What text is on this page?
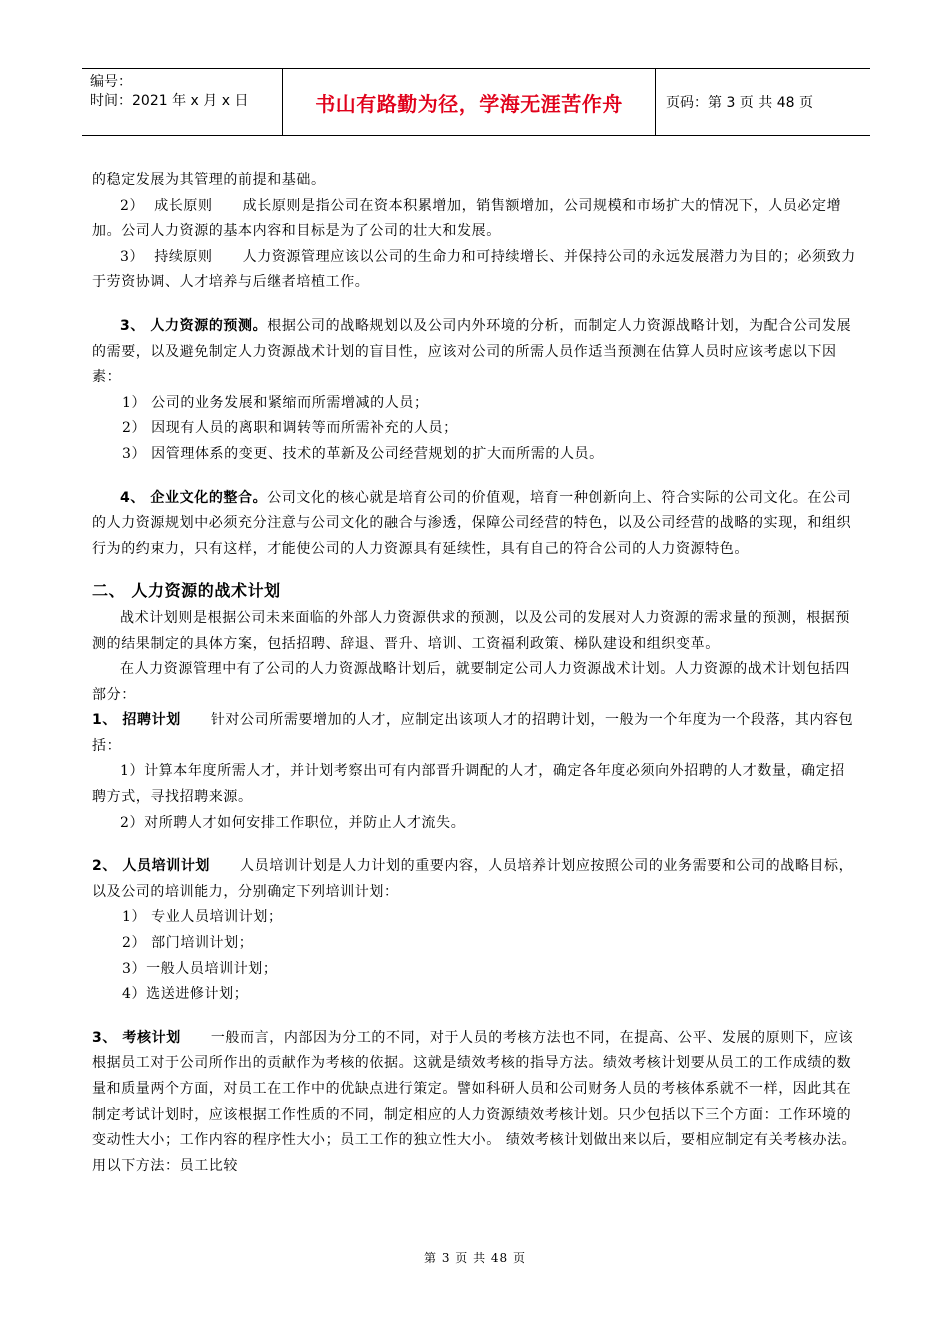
编号：
时间：2021 年 x 月 x 日	书山有路勤为径，学海无涯苦作舟	页码：第 3 页 共 48 页

的稳定发展为其管理的前提和基础。

2） 成长原则 成长原则是指公司在资本积累增加，销售额增加，公司规模和市场扩大的情况下，人员必定增加。公司人力资源的基本内容和目标是为了公司的壮大和发展。

3） 持续原则 人力资源管理应该以公司的生命力和可持续增长、并保持公司的永远发展潜力为目的；必须致力于劳资协调、人才培养与后继者培植工作。

3、 人力资源的预测。根据公司的战略规划以及公司内外环境的分析，而制定人力资源战略计划，为配合公司发展的需要，以及避免制定人力资源战术计划的盲目性，应该对公司的所需人员作适当预测在估算人员时应该考虑以下因素：

1） 公司的业务发展和紧缩而所需增减的人员；

2） 因现有人员的离职和调转等而所需补充的人员；

3） 因管理体系的变更、技术的革新及公司经营规划的扩大而所需的人员。

4、 企业文化的整合。公司文化的核心就是培育公司的价值观，培育一种创新向上、符合实际的公司文化。在公司的人力资源规划中必须充分注意与公司文化的融合与渗透，保障公司经营的特色，以及公司经营的战略的实现，和组织行为的约束力，只有这样，才能使公司的人力资源具有延续性，具有自己的符合公司的人力资源特色。

二、 人力资源的战术计划

战术计划则是根据公司未来面临的外部人力资源供求的预测，以及公司的发展对人力资源的需求量的预测，根据预测的结果制定的具体方案，包括招聘、辞退、晋升、培训、工资福利政策、梯队建设和组织变革。

在人力资源管理中有了公司的人力资源战略计划后，就要制定公司人力资源战术计划。人力资源的战术计划包括四部分：

1、 招聘计划 针对公司所需要增加的人才，应制定出该项人才的招聘计划，一般为一个年度为一个段落，其内容包括：

1）计算本年度所需人才，并计划考察出可有内部晋升调配的人才，确定各年度必须向外招聘的人才数量，确定招聘方式，寻找招聘来源。

2）对所聘人才如何安排工作职位，并防止人才流失。

2、 人员培训计划 人员培训计划是人力计划的重要内容，人员培养计划应按照公司的业务需要和公司的战略目标，以及公司的培训能力，分别确定下列培训计划：

1） 专业人员培训计划；

2） 部门培训计划；

3）一般人员培训计划；

4）选送进修计划；

3、 考核计划 一般而言，内部因为分工的不同，对于人员的考核方法也不同，在提高、公平、发展的原则下，应该根据员工对于公司所作出的贡献作为考核的依据。这就是绩效考核的指导方法。绩效考核计划要从员工的工作成绩的数量和质量两个方面，对员工在工作中的优缺点进行策定。譬如科研人员和公司财务人员的考核体系就不一样，因此其在制定考试计划时，应该根据工作性质的不同，制定相应的人力资源绩效考核计划。只少包括以下三个方面：工作环境的变动性大小；工作内容的程序性大小；员工工作的独立性大小。 绩效考核计划做出来以后，要相应制定有关考核办法。用以下方法：员工比较

第 3 页 共 48 页
